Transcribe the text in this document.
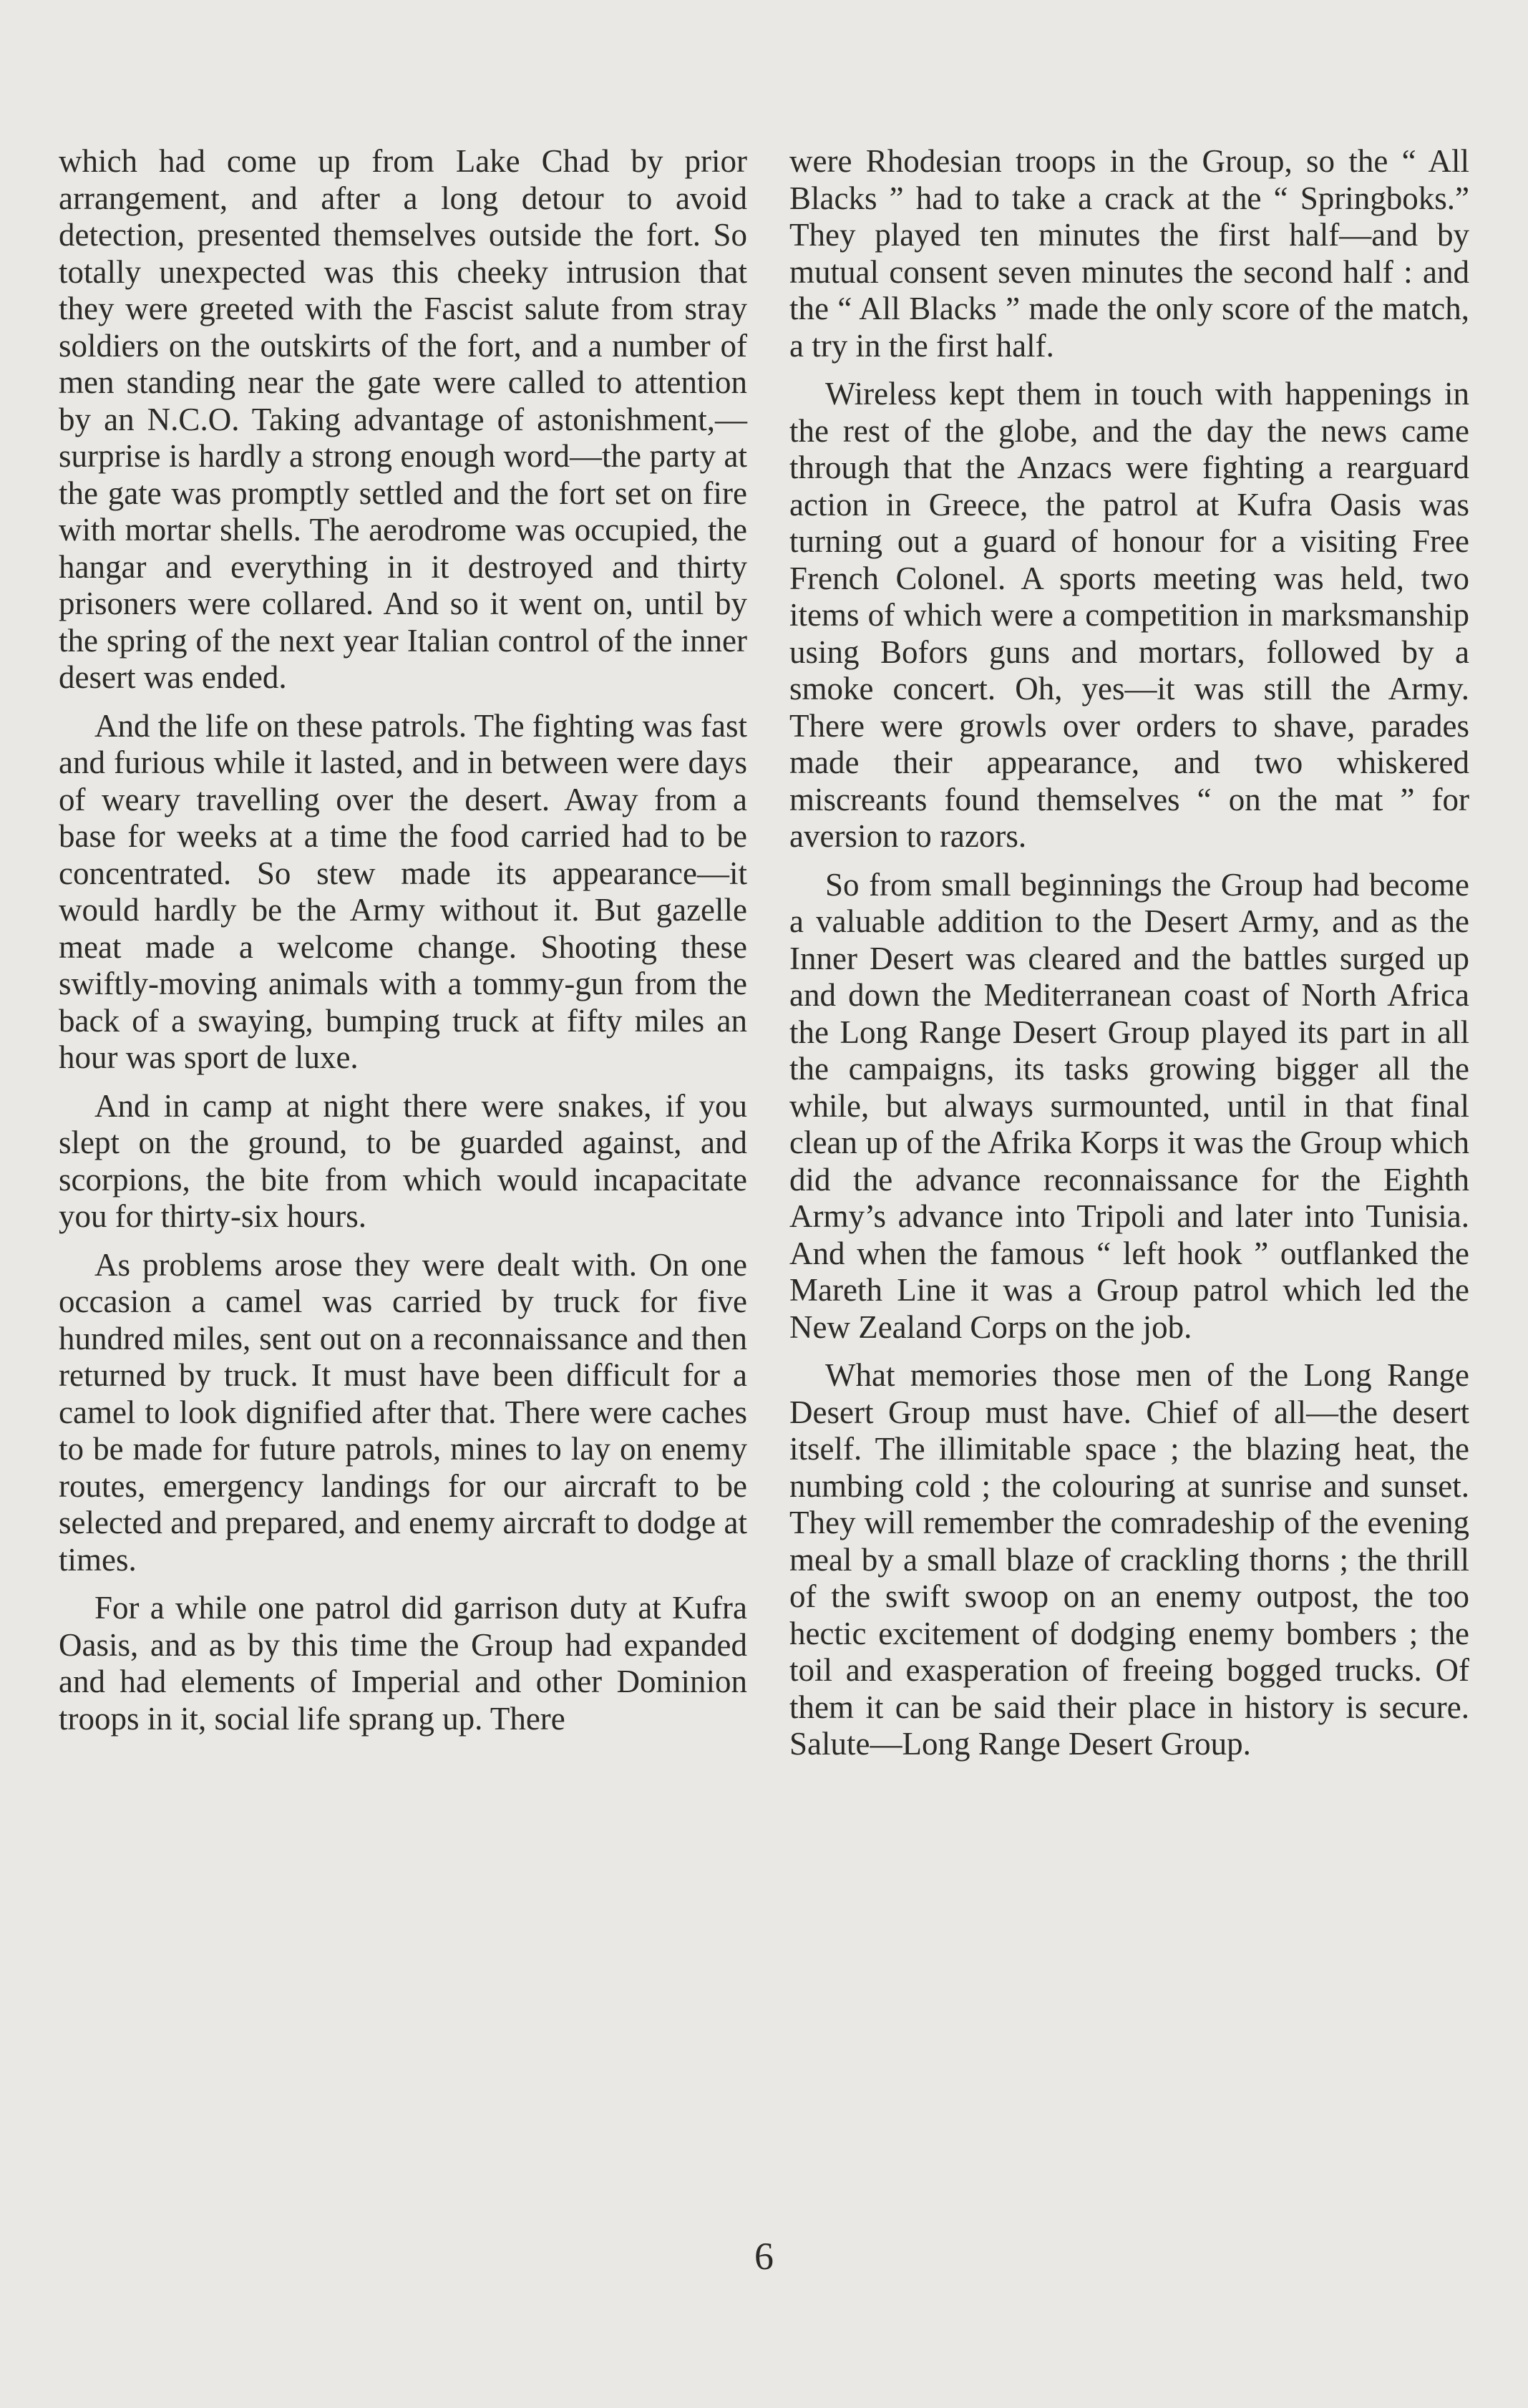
which had come up from Lake Chad by prior arrangement, and after a long detour to avoid detection, presented themselves outside the fort. So totally unexpected was this cheeky intrusion that they were greeted with the Fascist salute from stray soldiers on the outskirts of the fort, and a number of men standing near the gate were called to attention by an N.C.O. Taking advantage of astonishment,—surprise is hardly a strong enough word—the party at the gate was promptly settled and the fort set on fire with mortar shells. The aerodrome was occupied, the hangar and everything in it destroyed and thirty prisoners were collared. And so it went on, until by the spring of the next year Italian control of the inner desert was ended.

And the life on these patrols. The fighting was fast and furious while it lasted, and in between were days of weary travelling over the desert. Away from a base for weeks at a time the food carried had to be concentrated. So stew made its appearance—it would hardly be the Army without it. But gazelle meat made a welcome change. Shooting these swiftly-moving animals with a tommy-gun from the back of a swaying, bumping truck at fifty miles an hour was sport de luxe.

And in camp at night there were snakes, if you slept on the ground, to be guarded against, and scorpions, the bite from which would incapacitate you for thirty-six hours.

As problems arose they were dealt with. On one occasion a camel was carried by truck for five hundred miles, sent out on a reconnaissance and then returned by truck. It must have been difficult for a camel to look dignified after that. There were caches to be made for future patrols, mines to lay on enemy routes, emergency landings for our aircraft to be selected and prepared, and enemy aircraft to dodge at times.

For a while one patrol did garrison duty at Kufra Oasis, and as by this time the Group had expanded and had elements of Imperial and other Dominion troops in it, social life sprang up. There

were Rhodesian troops in the Group, so the “ All Blacks ” had to take a crack at the “ Springboks.” They played ten minutes the first half—and by mutual consent seven minutes the second half : and the “ All Blacks ” made the only score of the match, a try in the first half.

Wireless kept them in touch with happenings in the rest of the globe, and the day the news came through that the Anzacs were fighting a rearguard action in Greece, the patrol at Kufra Oasis was turning out a guard of honour for a visiting Free French Colonel. A sports meeting was held, two items of which were a competition in marksmanship using Bofors guns and mortars, followed by a smoke concert. Oh, yes—it was still the Army. There were growls over orders to shave, parades made their appearance, and two whiskered miscreants found themselves “ on the mat ” for aversion to razors.

So from small beginnings the Group had become a valuable addition to the Desert Army, and as the Inner Desert was cleared and the battles surged up and down the Mediterranean coast of North Africa the Long Range Desert Group played its part in all the campaigns, its tasks growing bigger all the while, but always surmounted, until in that final clean up of the Afrika Korps it was the Group which did the advance reconnaissance for the Eighth Army’s advance into Tripoli and later into Tunisia. And when the famous “ left hook ” outflanked the Mareth Line it was a Group patrol which led the New Zealand Corps on the job.

What memories those men of the Long Range Desert Group must have. Chief of all—the desert itself. The illimitable space ; the blazing heat, the numbing cold ; the colouring at sunrise and sunset. They will remember the comradeship of the evening meal by a small blaze of crackling thorns ; the thrill of the swift swoop on an enemy outpost, the too hectic excitement of dodging enemy bombers ; the toil and exasperation of freeing bogged trucks. Of them it can be said their place in history is secure. Salute—Long Range Desert Group.

6
